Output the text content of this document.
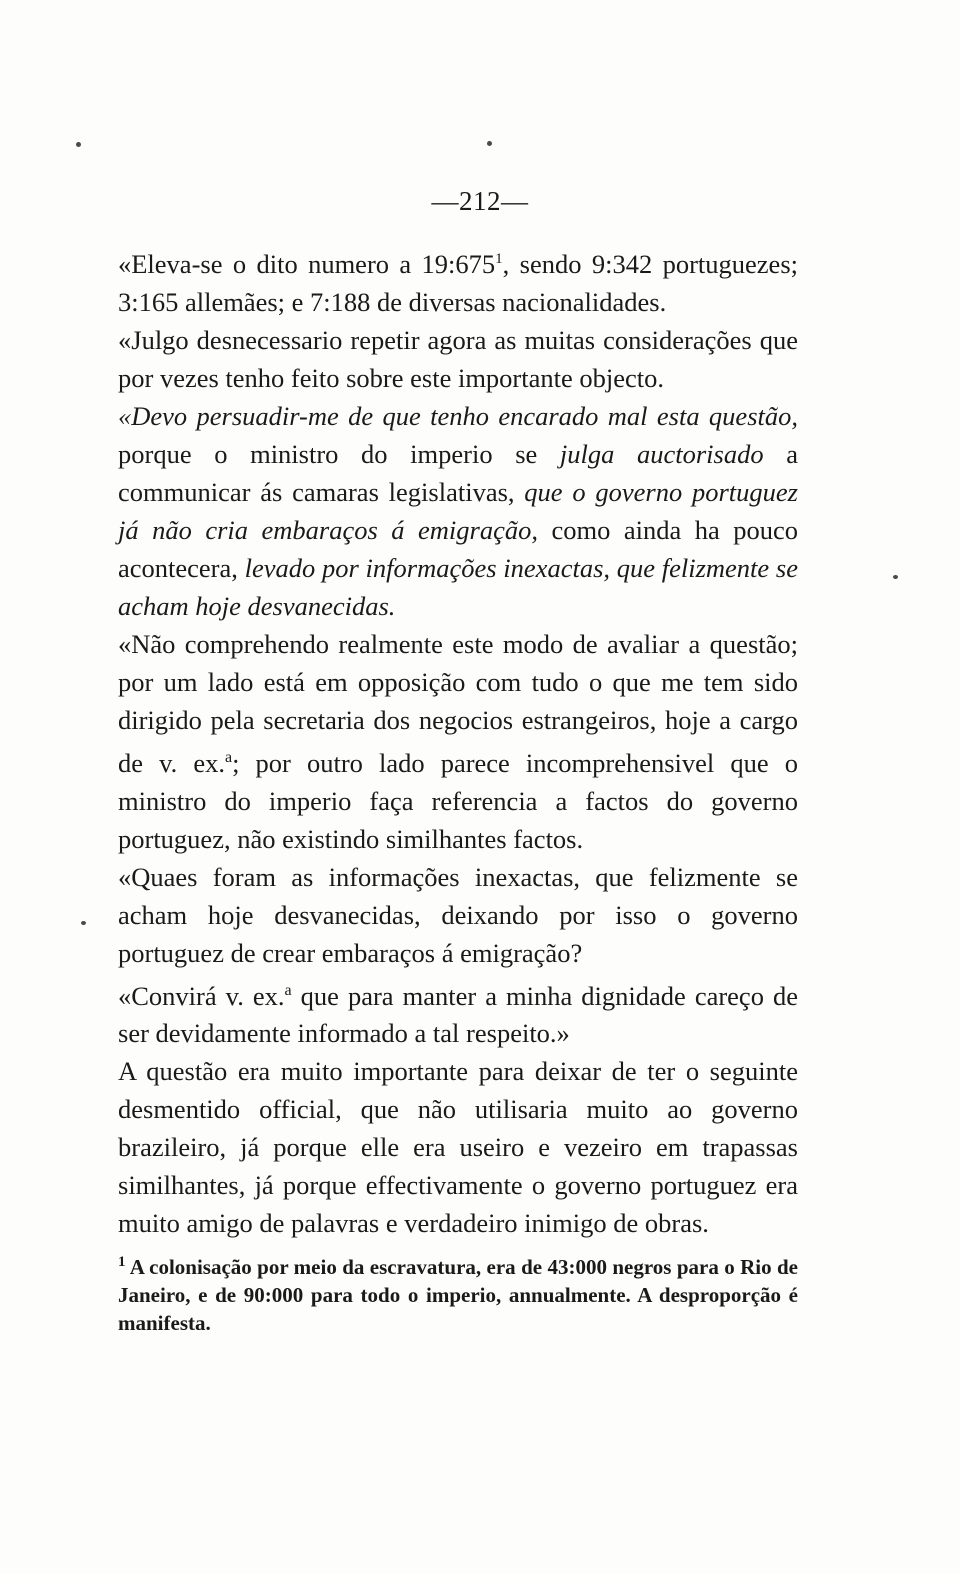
—212—

«Eleva-se o dito numero a 19:675$^1$, sendo 9:342 portuguezes; 3:165 allemães; e 7:188 de diversas nacionalidades.

«Julgo desnecessario repetir agora as muitas considerações que por vezes tenho feito sobre este importante objecto.

«Devo persuadir-me de que tenho encarado mal esta questão, porque o ministro do imperio se julga auctorisado a communicar ás camaras legislativas, que o governo portuguez já não cria embaraços á emigração, como ainda ha pouco acontecera, levado por informações inexactas, que felizmente se acham hoje desvanecidas.

«Não comprehendo realmente este modo de avaliar a questão; por um lado está em opposição com tudo o que me tem sido dirigido pela secretaria dos negocios estrangeiros, hoje a cargo de v. ex.$^a$; por outro lado parece incomprehensivel que o ministro do imperio faça referencia a factos do governo portuguez, não existindo similhantes factos.

«Quaes foram as informações inexactas, que felizmente se acham hoje desvanecidas, deixando por isso o governo portuguez de crear embaraços á emigração?

«Convirá v. ex.$^a$ que para manter a minha dignidade careço de ser devidamente informado a tal respeito.»

A questão era muito importante para deixar de ter o seguinte desmentido official, que não utilisaria muito ao governo brazileiro, já porque elle era useiro e vezeiro em trapassas similhantes, já porque effectivamente o governo portuguez era muito amigo de palavras e verdadeiro inimigo de obras.

$^1$ A colonisação por meio da escravatura, era de 43:000 negros para o Rio de Janeiro, e de 90:000 para todo o imperio, annualmente. A desproporção é manifesta.
